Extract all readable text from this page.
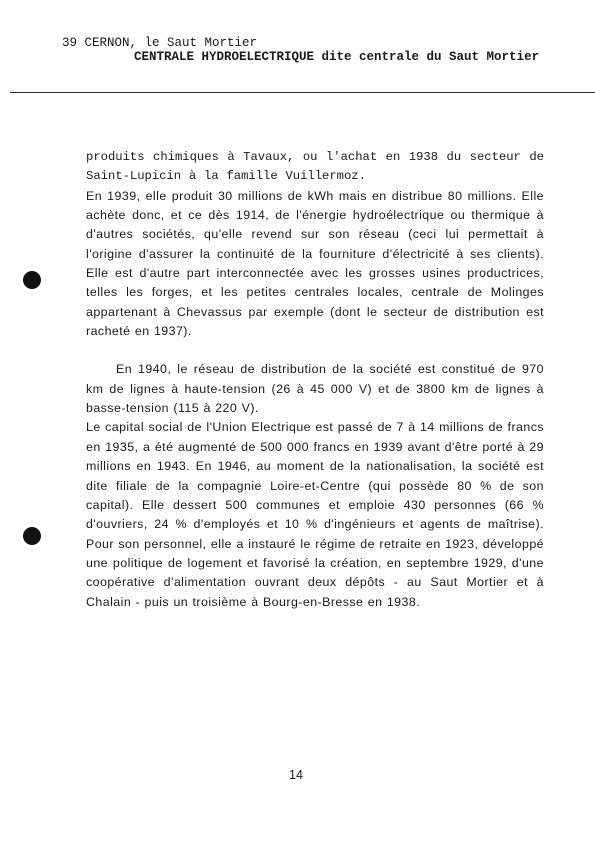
39 CERNON, le Saut Mortier
CENTRALE HYDROELECTRIQUE dite centrale du Saut Mortier

produits chimiques à Tavaux, ou l'achat en 1938 du secteur de Saint-Lupicin à la famille Vuillermoz.

En 1939, elle produit 30 millions de kWh mais en distribue 80 millions. Elle achète donc, et ce dès 1914, de l'énergie hydroélectrique ou thermique à d'autres sociétés, qu'elle revend sur son réseau (ceci lui permettait à l'origine d'assurer la continuité de la fourniture d'électricité à ses clients). Elle est d'autre part interconnectée avec les grosses usines productrices, telles les forges, et les petites centrales locales, centrale de Molinges appartenant à Chevassus par exemple (dont le secteur de distribution est racheté en 1937).

En 1940, le réseau de distribution de la société est constitué de 970 km de lignes à haute-tension (26 à 45 000 V) et de 3800 km de lignes à basse-tension (115 à 220 V).

Le capital social de l'Union Electrique est passé de 7 à 14 millions de francs en 1935, a été augmenté de 500 000 francs en 1939 avant d'être porté à 29 millions en 1943. En 1946, au moment de la nationalisation, la société est dite filiale de la compagnie Loire-et-Centre (qui possède 80 % de son capital). Elle dessert 500 communes et emploie 430 personnes (66 % d'ouvriers, 24 % d'employés et 10 % d'ingénieurs et agents de maîtrise). Pour son personnel, elle a instauré le régime de retraite en 1923, développé une politique de logement et favorisé la création, en septembre 1929, d'une coopérative d'alimentation ouvrant deux dépôts - au Saut Mortier et à Chalain - puis un troisième à Bourg-en-Bresse en 1938.

14
